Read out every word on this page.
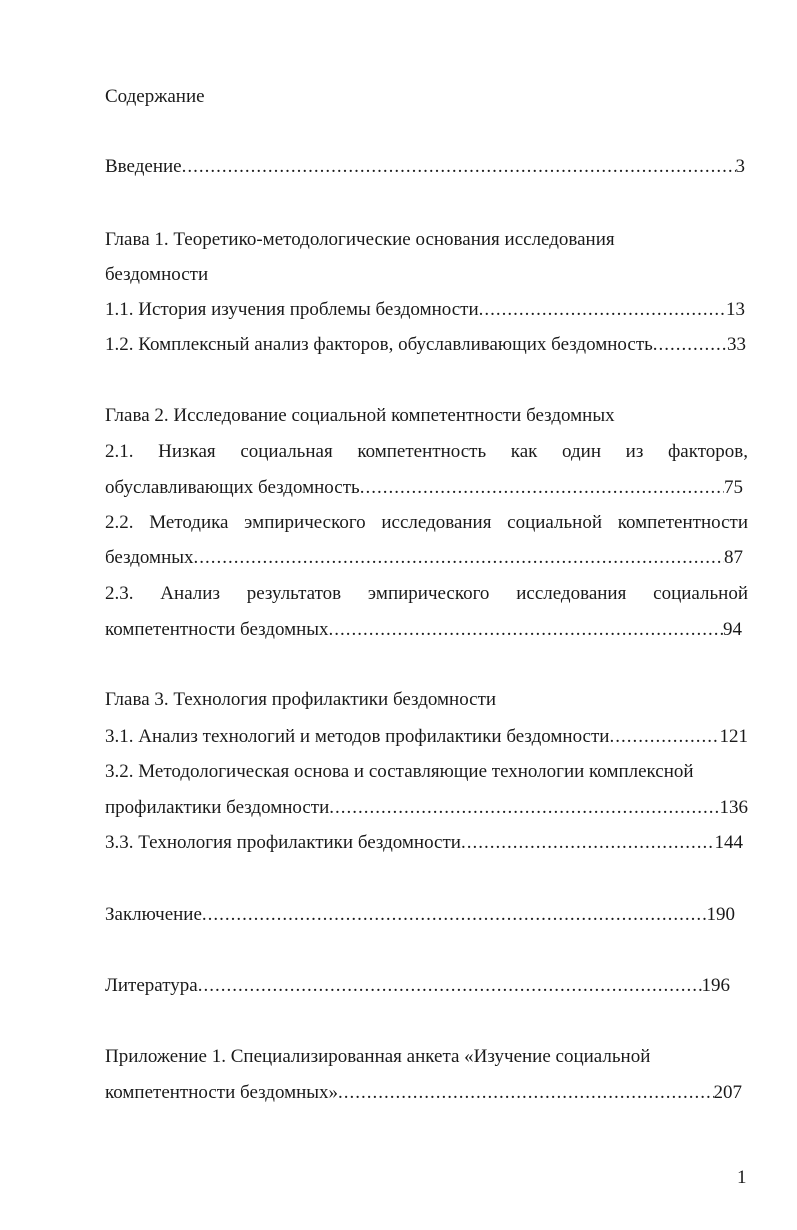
Содержание
Введение .....	3
Глава 1. Теоретико-методологические основания исследования
бездомности
1.1. История изучения проблемы бездомности .....	13
1.2. Комплексный анализ факторов, обуславливающих бездомность .....	33
Глава 2. Исследование социальной компетентности бездомных
2.1. Низкая социальная компетентность как один из факторов,
обуславливающих бездомность .....	75
2.2. Методика эмпирического исследования социальной компетентности
бездомных .....	87
2.3. Анализ результатов эмпирического исследования социальной
компетентности бездомных .....	94
Глава 3. Технология профилактики бездомности
3.1. Анализ технологий и методов профилактики бездомности .....	121
3.2. Методологическая основа и составляющие технологии комплексной
профилактики бездомности .....	136
3.3. Технология профилактики бездомности .....	144
Заключение .....	190
Литература .....	196
Приложение 1. Специализированная анкета «Изучение социальной
компетентности бездомных» .....	207
1
